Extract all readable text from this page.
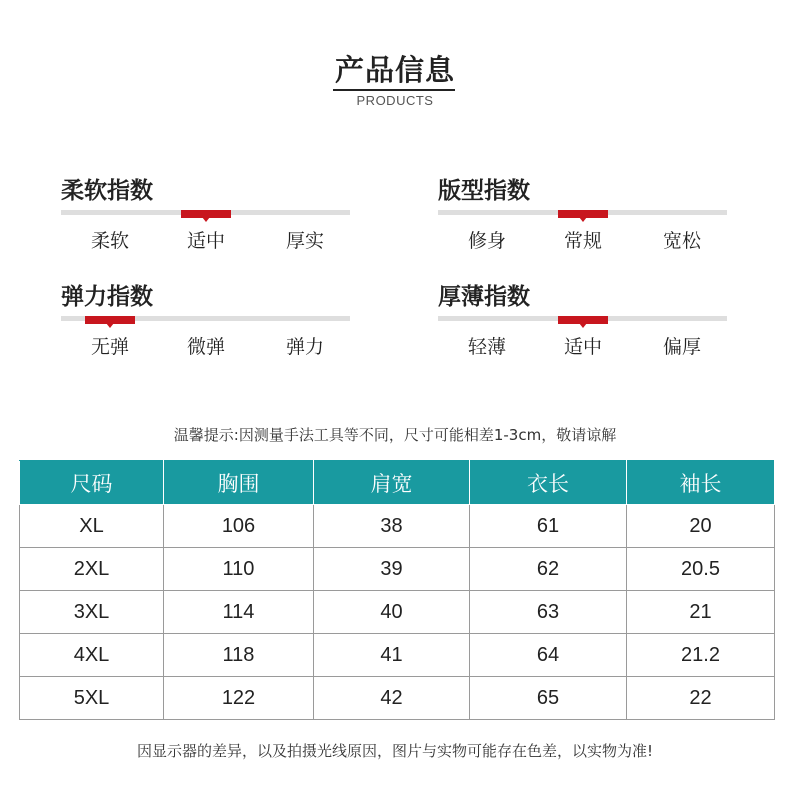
产品信息
PRODUCTS
柔软指数
柔软	适中	厚实
版型指数
修身	常规	宽松
弹力指数
无弹	微弹	弹力
厚薄指数
轻薄	适中	偏厚
温馨提示:因测量手法工具等不同，尺寸可能相差1-3cm，敬请谅解
尺码	胸围	肩宽	衣长	袖长
XL	106	38	61	20
2XL	110	39	62	20.5
3XL	114	40	63	21
4XL	118	41	64	21.2
5XL	122	42	65	22
因显示器的差异，以及拍摄光线原因，图片与实物可能存在色差，以实物为准!
